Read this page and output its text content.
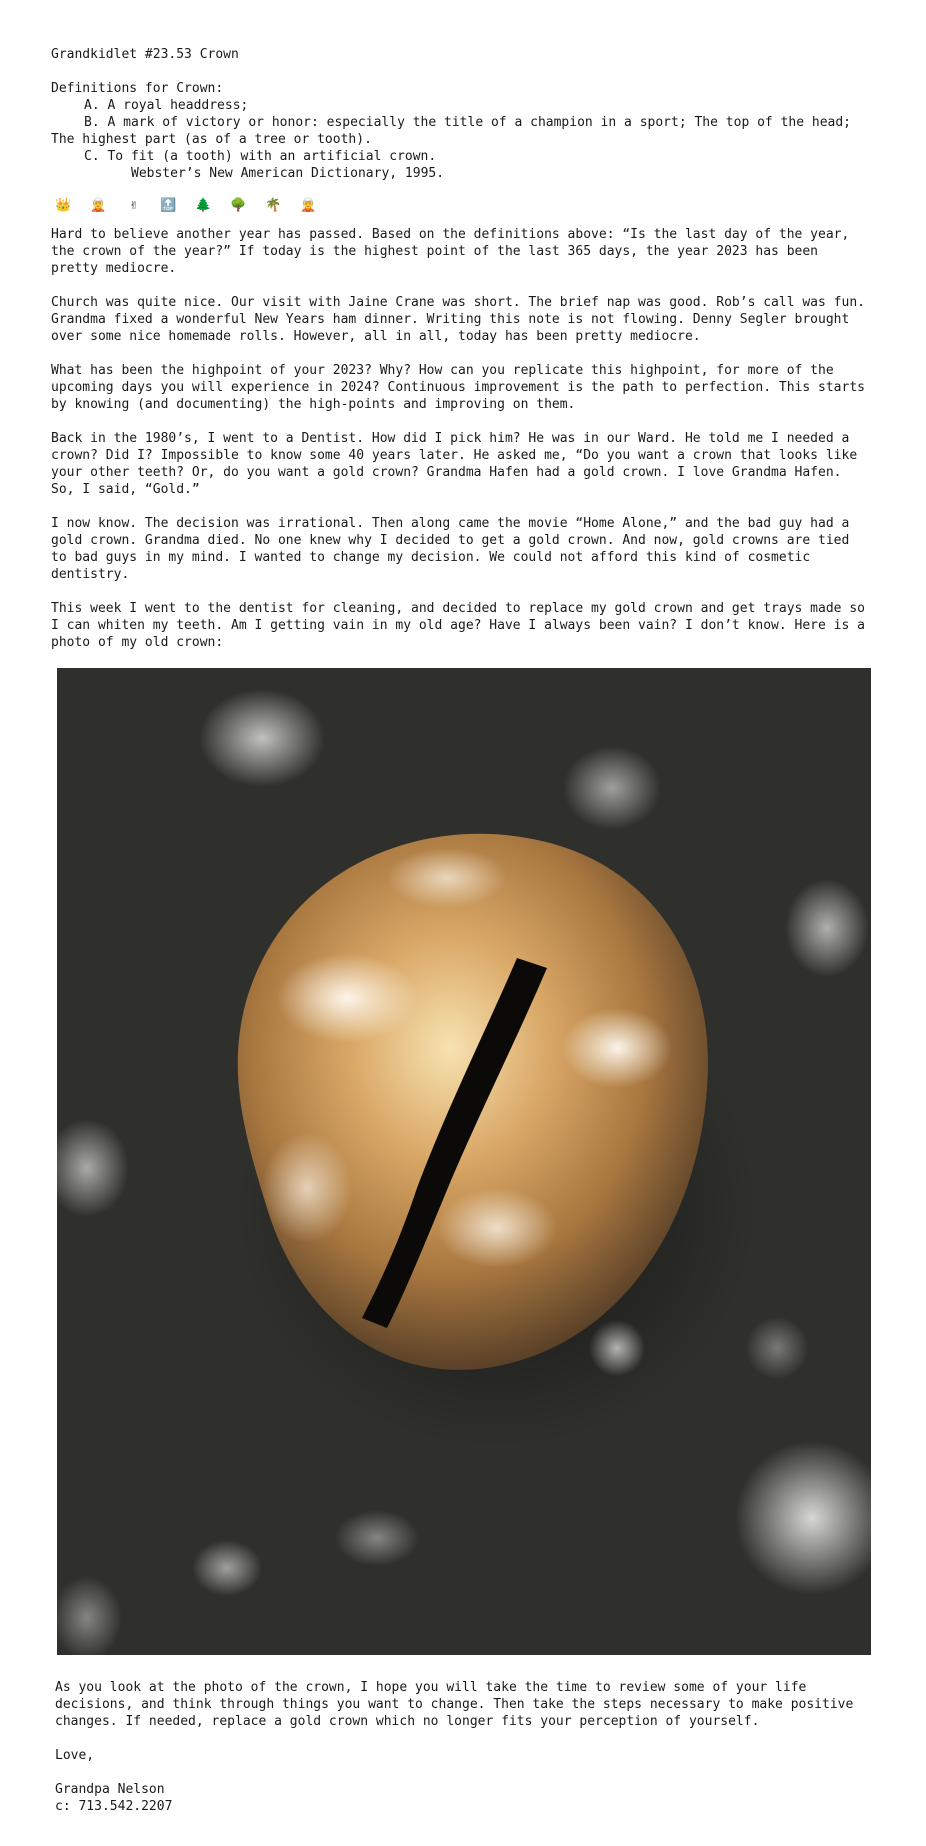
Grandkidlet #23.53 Crown
Definitions for Crown:
A. A royal headdress;
B. A mark of victory or honor: especially the title of a champion in a sport; The top of the head;
The highest part (as of a tree or tooth).
C. To fit (a tooth) with an artificial crown.
Webster’s New American Dictionary, 1995.
👑 🧝	✌	🔝 🌲 🌳 🌴 🧝
Hard to believe another year has passed. Based on the definitions above: “Is the last day of the year,
the crown of the year?” If today is the highest point of the last 365 days, the year 2023 has been
pretty mediocre.
Church was quite nice. Our visit with Jaine Crane was short. The brief nap was good. Rob’s call was fun.
Grandma fixed a wonderful New Years ham dinner. Writing this note is not flowing. Denny Segler brought
over some nice homemade rolls. However, all in all, today has been pretty mediocre.
What has been the highpoint of your 2023? Why? How can you replicate this highpoint, for more of the
upcoming days you will experience in 2024? Continuous improvement is the path to perfection. This starts
by knowing (and documenting) the high-points and improving on them.
Back in the 1980’s, I went to a Dentist. How did I pick him? He was in our Ward. He told me I needed a
crown? Did I? Impossible to know some 40 years later. He asked me, “Do you want a crown that looks like
your other teeth? Or, do you want a gold crown? Grandma Hafen had a gold crown. I love Grandma Hafen.
So, I said, “Gold.”
I now know. The decision was irrational. Then along came the movie “Home Alone,” and the bad guy had a
gold crown. Grandma died. No one knew why I decided to get a gold crown. And now, gold crowns are tied
to bad guys in my mind. I wanted to change my decision. We could not afford this kind of cosmetic
dentistry.
This week I went to the dentist for cleaning, and decided to replace my gold crown and get trays made so
I can whiten my teeth. Am I getting vain in my old age? Have I always been vain? I don’t know. Here is a
photo of my old crown:
As you look at the photo of the crown, I hope you will take the time to review some of your life
decisions, and think through things you want to change. Then take the steps necessary to make positive
changes. If needed, replace a gold crown which no longer fits your perception of yourself.
Love,
Grandpa Nelson
c: 713.542.2207
